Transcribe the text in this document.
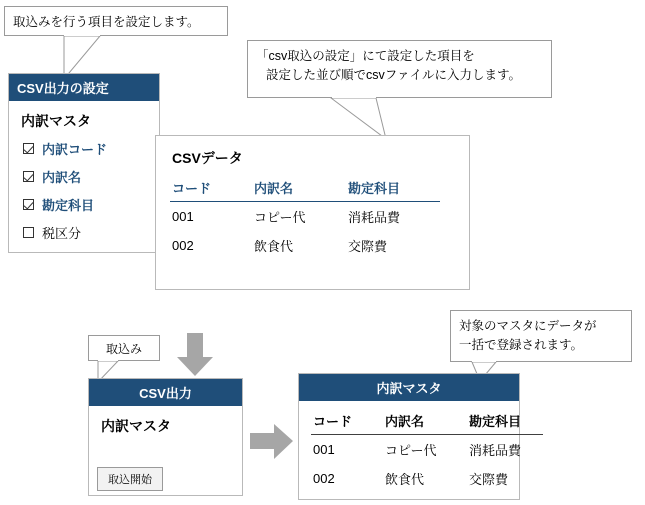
取込みを行う項目を設定します。
「csv取込の設定」にて設定した項目を
設定した並び順でcsvファイルに入力します。
CSV出力の設定
内訳マスタ
内訳コード
内訳名
勘定科目
税区分
CSVデータ
コード	内訳名	勘定科目
001	コピー代	消耗品費
002	飲食代	交際費
取込み
対象のマスタにデータが
一括で登録されます。
CSV出力
内訳マスタ
取込開始
内訳マスタ
コード	内訳名	勘定科目
001	コピー代	消耗品費
002	飲食代	交際費
